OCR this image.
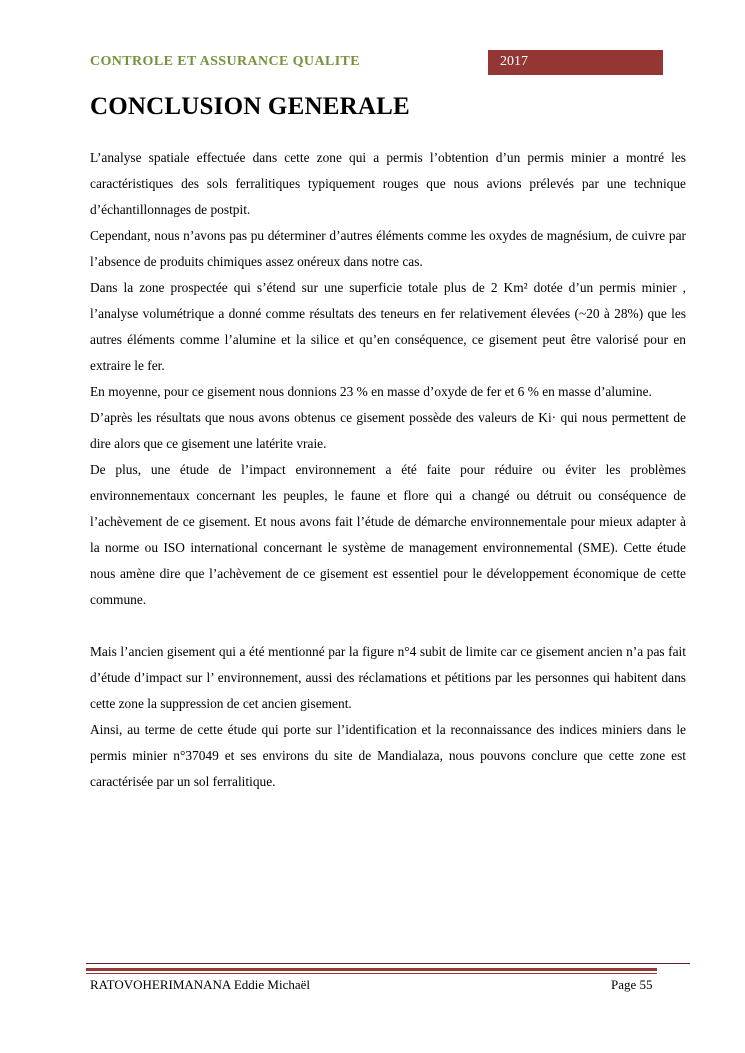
CONTROLE ET ASSURANCE QUALITE	2017
CONCLUSION GENERALE

L’analyse spatiale effectuée dans cette zone qui a permis l’obtention d’un permis minier a montré les caractéristiques des sols ferralitiques typiquement rouges que nous avions prélevés par une technique d’échantillonnages de postpit.

Cependant, nous n’avons pas pu déterminer d’autres éléments comme les oxydes de magnésium, de cuivre par l’absence de produits chimiques assez onéreux dans notre cas.

Dans la zone prospectée qui s’étend sur une superficie totale plus de 2 Km² dotée d’un permis minier , l’analyse volumétrique a donné comme résultats des teneurs en fer relativement élevées (~20 à 28%) que les autres éléments comme l’alumine et la silice et qu’en conséquence, ce gisement peut être valorisé pour en extraire le fer.

En moyenne, pour ce gisement nous donnions 23 % en masse d’oxyde de fer et 6 % en masse d’alumine.

D’après les résultats que nous avons obtenus ce gisement possède des valeurs de Ki· qui nous permettent de dire alors que ce gisement une latérite vraie.

De plus, une étude de l’impact environnement a été faite pour réduire ou éviter les problèmes environnementaux concernant les peuples, le faune et flore qui a changé ou détruit ou conséquence de l’achèvement de ce gisement. Et nous avons fait l’étude de démarche environnementale pour mieux adapter à la norme ou ISO international concernant le système de management environnemental (SME). Cette étude nous amène dire que l’achèvement de ce gisement est essentiel pour le développement économique de cette commune.

Mais l’ancien gisement qui a été mentionné par la figure n°4 subit de limite car ce gisement ancien n’a pas fait d’étude d’impact sur l’ environnement, aussi des réclamations et pétitions par les personnes qui habitent dans cette zone la suppression de cet ancien gisement.

Ainsi, au terme de cette étude qui porte sur l’identification et la reconnaissance des indices miniers dans le permis minier n°37049 et ses environs du site de Mandialaza, nous pouvons conclure que cette zone est caractérisée par un sol ferralitique.

RATOVOHERIMANANA Eddie Michaël	Page 55
